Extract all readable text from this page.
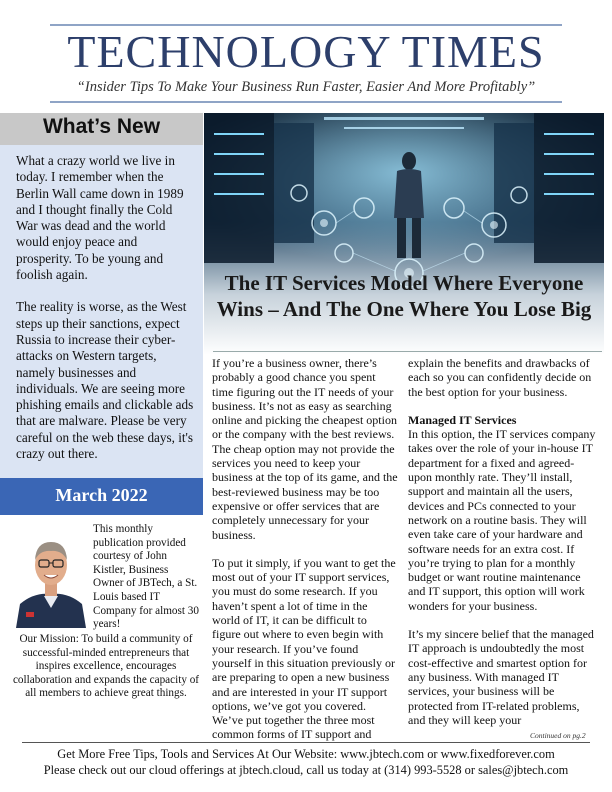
TECHNOLOGY TIMES
“Insider Tips To Make Your Business Run Faster, Easier And More Profitably”
What’s New

What a crazy world we live in today. I remember when the Berlin Wall came down in 1989 and I thought finally the Cold War was dead and the world would enjoy peace and prosperity. To be young and foolish again.

The reality is worse, as the West steps up their sanctions, expect Russia to increase their cyber-attacks on Western targets, namely businesses and individuals. We are seeing more phishing emails and clickable ads that are malware. Please be very careful on the web these days, it's crazy out there.

March 2022
This monthly publication provided courtesy of John Kistler, Business Owner of JBTech, a St. Louis based IT Company for almost 30 years!
Our Mission: To build a community of successful-minded entrepreneurs that inspires excellence, encourages collaboration and expands the capacity of all members to achieve great things.
The IT Services Model Where Everyone Wins – And The One Where You Lose Big

If you’re a business owner, there’s probably a good chance you spent time figuring out the IT needs of your business. It’s not as easy as searching online and picking the cheapest option or the company with the best reviews. The cheap option may not provide the services you need to keep your business at the top of its game, and the best-reviewed business may be too expensive or offer services that are completely unnecessary for your business.

To put it simply, if you want to get the most out of your IT support services, you must do some research. If you haven’t spent a lot of time in the world of IT, it can be difficult to figure out where to even begin with your research. If you’ve found yourself in this situation previously or are preparing to open a new business and are interested in your IT support options, we’ve got you covered. We’ve put together the three most common forms of IT support and

explain the benefits and drawbacks of each so you can confidently decide on the best option for your business.

Managed IT Services

In this option, the IT services company takes over the role of your in-house IT department for a fixed and agreed-upon monthly rate. They’ll install, support and maintain all the users, devices and PCs connected to your network on a routine basis. They will even take care of your hardware and software needs for an extra cost. If you’re trying to plan for a monthly budget or want routine maintenance and IT support, this option will work wonders for your business.

It’s my sincere belief that the managed IT approach is undoubtedly the most cost-effective and smartest option for any business. With managed IT services, your business will be protected from IT-related problems, and they will keep your

Continued on pg.2
Get More Free Tips, Tools and Services At Our Website: www.jbtech.com or www.fixedforever.com
Please check out our cloud offerings at jbtech.cloud, call us today at (314) 993-5528 or sales@jbtech.com
